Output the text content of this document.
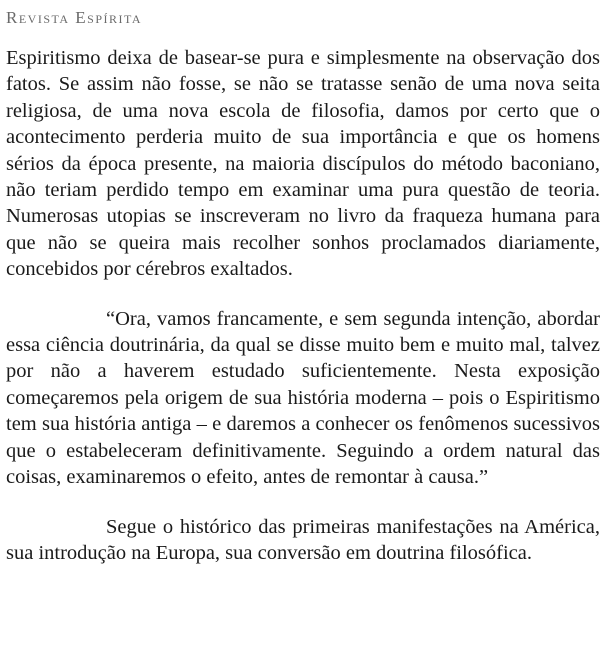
Revista Espírita

Espiritismo deixa de basear-se pura e simplesmente na observação dos fatos. Se assim não fosse, se não se tratasse senão de uma nova seita religiosa, de uma nova escola de filosofia, damos por certo que o acontecimento perderia muito de sua importância e que os homens sérios da época presente, na maioria discípulos do método baconiano, não teriam perdido tempo em examinar uma pura questão de teoria. Numerosas utopias se inscreveram no livro da fraqueza humana para que não se queira mais recolher sonhos proclamados diariamente, concebidos por cérebros exaltados.

“Ora, vamos francamente, e sem segunda intenção, abordar essa ciência doutrinária, da qual se disse muito bem e muito mal, talvez por não a haverem estudado suficientemente. Nesta exposição começaremos pela origem de sua história moderna – pois o Espiritismo tem sua história antiga – e daremos a conhecer os fenômenos sucessivos que o estabeleceram definitivamente. Seguindo a ordem natural das coisas, examinaremos o efeito, antes de remontar à causa.”

Segue o histórico das primeiras manifestações na América, sua introdução na Europa, sua conversão em doutrina filosófica.
